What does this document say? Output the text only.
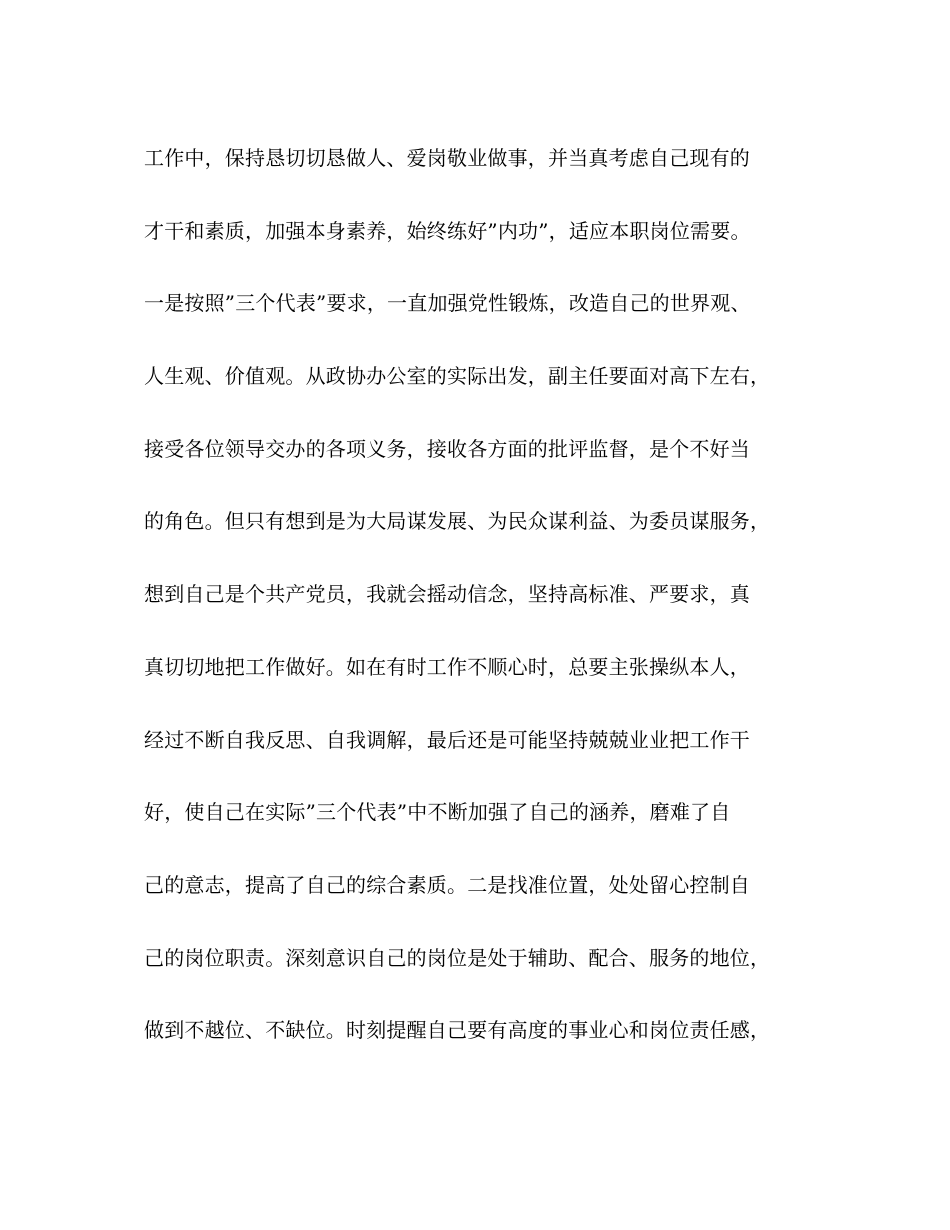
工作中，保持恳切切恳做人、爱岗敬业做事，并当真考虑自己现有的
才干和素质，加强本身素养，始终练好”内功”，适应本职岗位需要。
一是按照”三个代表”要求，一直加强党性锻炼，改造自己的世界观、
人生观、价值观。从政协办公室的实际出发，副主任要面对高下左右，
接受各位领导交办的各项义务，接收各方面的批评监督，是个不好当
的角色。但只有想到是为大局谋发展、为民众谋利益、为委员谋服务，
想到自己是个共产党员，我就会摇动信念，坚持高标准、严要求，真
真切切地把工作做好。如在有时工作不顺心时，总要主张操纵本人，
经过不断自我反思、自我调解，最后还是可能坚持兢兢业业把工作干
好，使自己在实际”三个代表”中不断加强了自己的涵养，磨难了自
己的意志，提高了自己的综合素质。二是找准位置，处处留心控制自
己的岗位职责。深刻意识自己的岗位是处于辅助、配合、服务的地位，
做到不越位、不缺位。时刻提醒自己要有高度的事业心和岗位责任感，
